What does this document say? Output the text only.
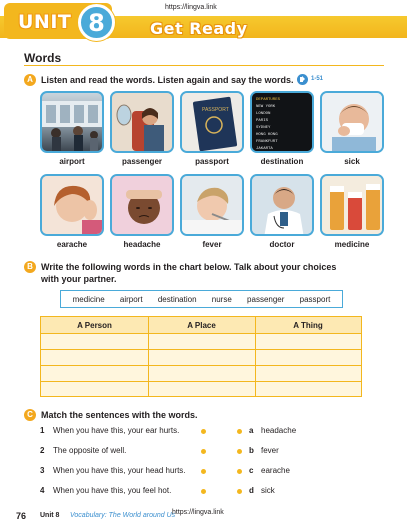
UNIT 8
https://lingva.link
Get Ready
Words
A Listen and read the words. Listen again and say the words.	1-51
PASSPORT
DEPARTURES
NEW YORK
LONDON
PARIS
SYDNEY
HONG KONG
FRANKFURT
JAKARTA
airport	passenger	passport	destination	sick
earache	headache	fever	doctor	medicine
B Write the following words in the chart below. Talk about your choices
with your partner.
medicine airport destination nurse passenger passport
A Person	A Place	A Thing
C Match the sentences with the words.
1 When you have this, your ear hurts.
2 The opposite of well.
3 When you have this, your head hurts.
4 When you have this, you feel hot.
a headache
b fever
c earache
d sick
76 Unit 8 Vocabulary: The World around Us
https://lingva.link
